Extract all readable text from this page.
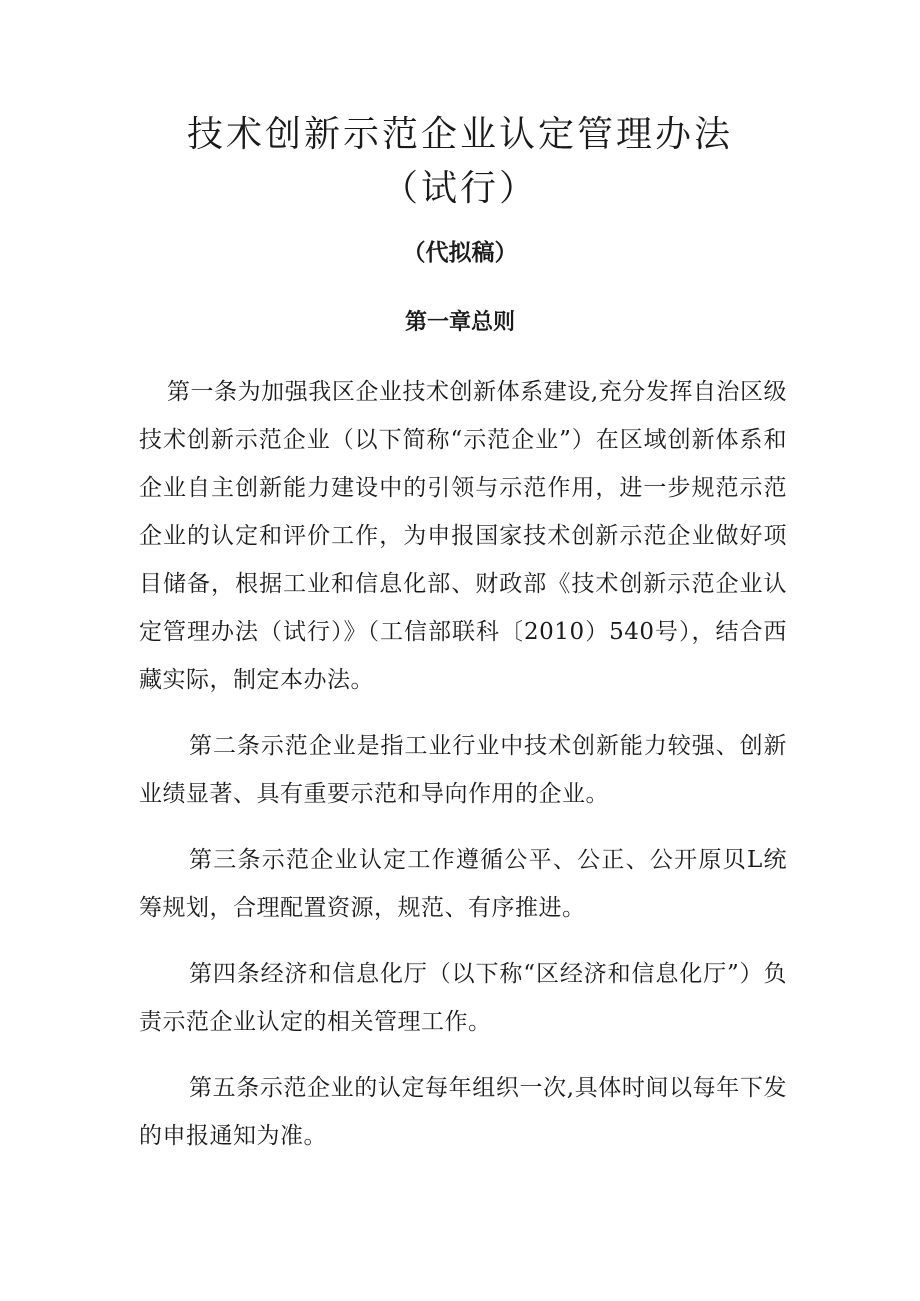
技术创新示范企业认定管理办法（试行）

（代拟稿）

第一章总则

第一条为加强我区企业技术创新体系建设,充分发挥自治区级技术创新示范企业（以下简称“示范企业”）在区域创新体系和企业自主创新能力建设中的引领与示范作用，进一步规范示范企业的认定和评价工作，为申报国家技术创新示范企业做好项目储备，根据工业和信息化部、财政部《技术创新示范企业认定管理办法（试行）》（工信部联科〔2010）540号），结合西藏实际，制定本办法。

第二条示范企业是指工业行业中技术创新能力较强、创新业绩显著、具有重要示范和导向作用的企业。

第三条示范企业认定工作遵循公平、公正、公开原贝L统筹规划，合理配置资源，规范、有序推进。

第四条经济和信息化厅（以下称“区经济和信息化厅”）负责示范企业认定的相关管理工作。

第五条示范企业的认定每年组织一次,具体时间以每年下发的申报通知为准。
